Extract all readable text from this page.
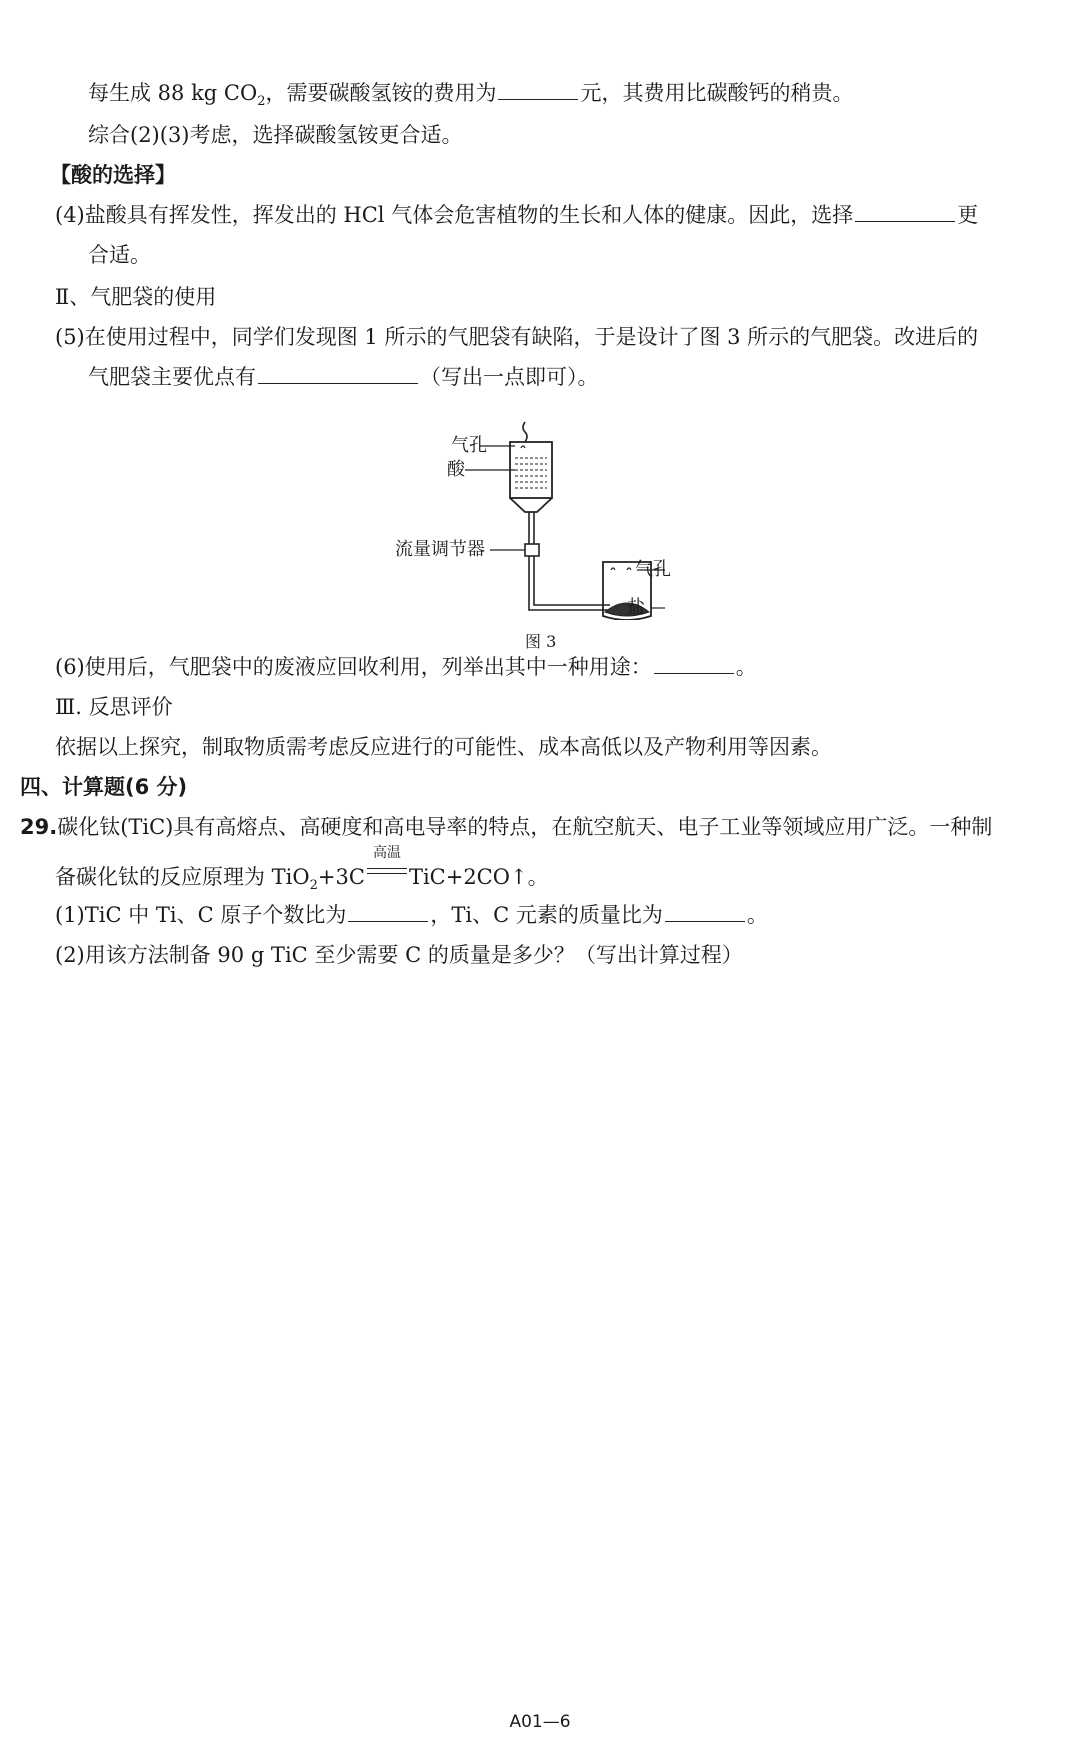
每生成 88 kg $CO_2$，需要碳酸氢铵的费用为	元，其费用比碳酸钙的稍贵。
综合(2)(3)考虑，选择碳酸氢铵更合适。
【酸的选择】
(4)盐酸具有挥发性，挥发出的 HCl 气体会危害植物的生长和人体的健康。因此，选择	更
合适。
Ⅱ、气肥袋的使用
(5)在使用过程中，同学们发现图 1 所示的气肥袋有缺陷，于是设计了图 3 所示的气肥袋。改进后的
气肥袋主要优点有	（写出一点即可）。
气孔
酸
流量调节器
气孔
盐
图 3
(6)使用后，气肥袋中的废液应回收利用，列举出其中一种用途：	。
Ⅲ. 反思评价
依据以上探究，制取物质需考虑反应进行的可能性、成本高低以及产物利用等因素。
四、计算题(6 分)
29.碳化钛(TiC)具有高熔点、高硬度和高电导率的特点，在航空航天、电子工业等领域应用广泛。一种制
备碳化钛的反应原理为 TiO$_2$+3C
高温
TiC+2CO↑。
(1)TiC 中 Ti、C 原子个数比为	，Ti、C 元素的质量比为	。
(2)用该方法制备 90 g TiC 至少需要 C 的质量是多少？（写出计算过程）
A01—6
